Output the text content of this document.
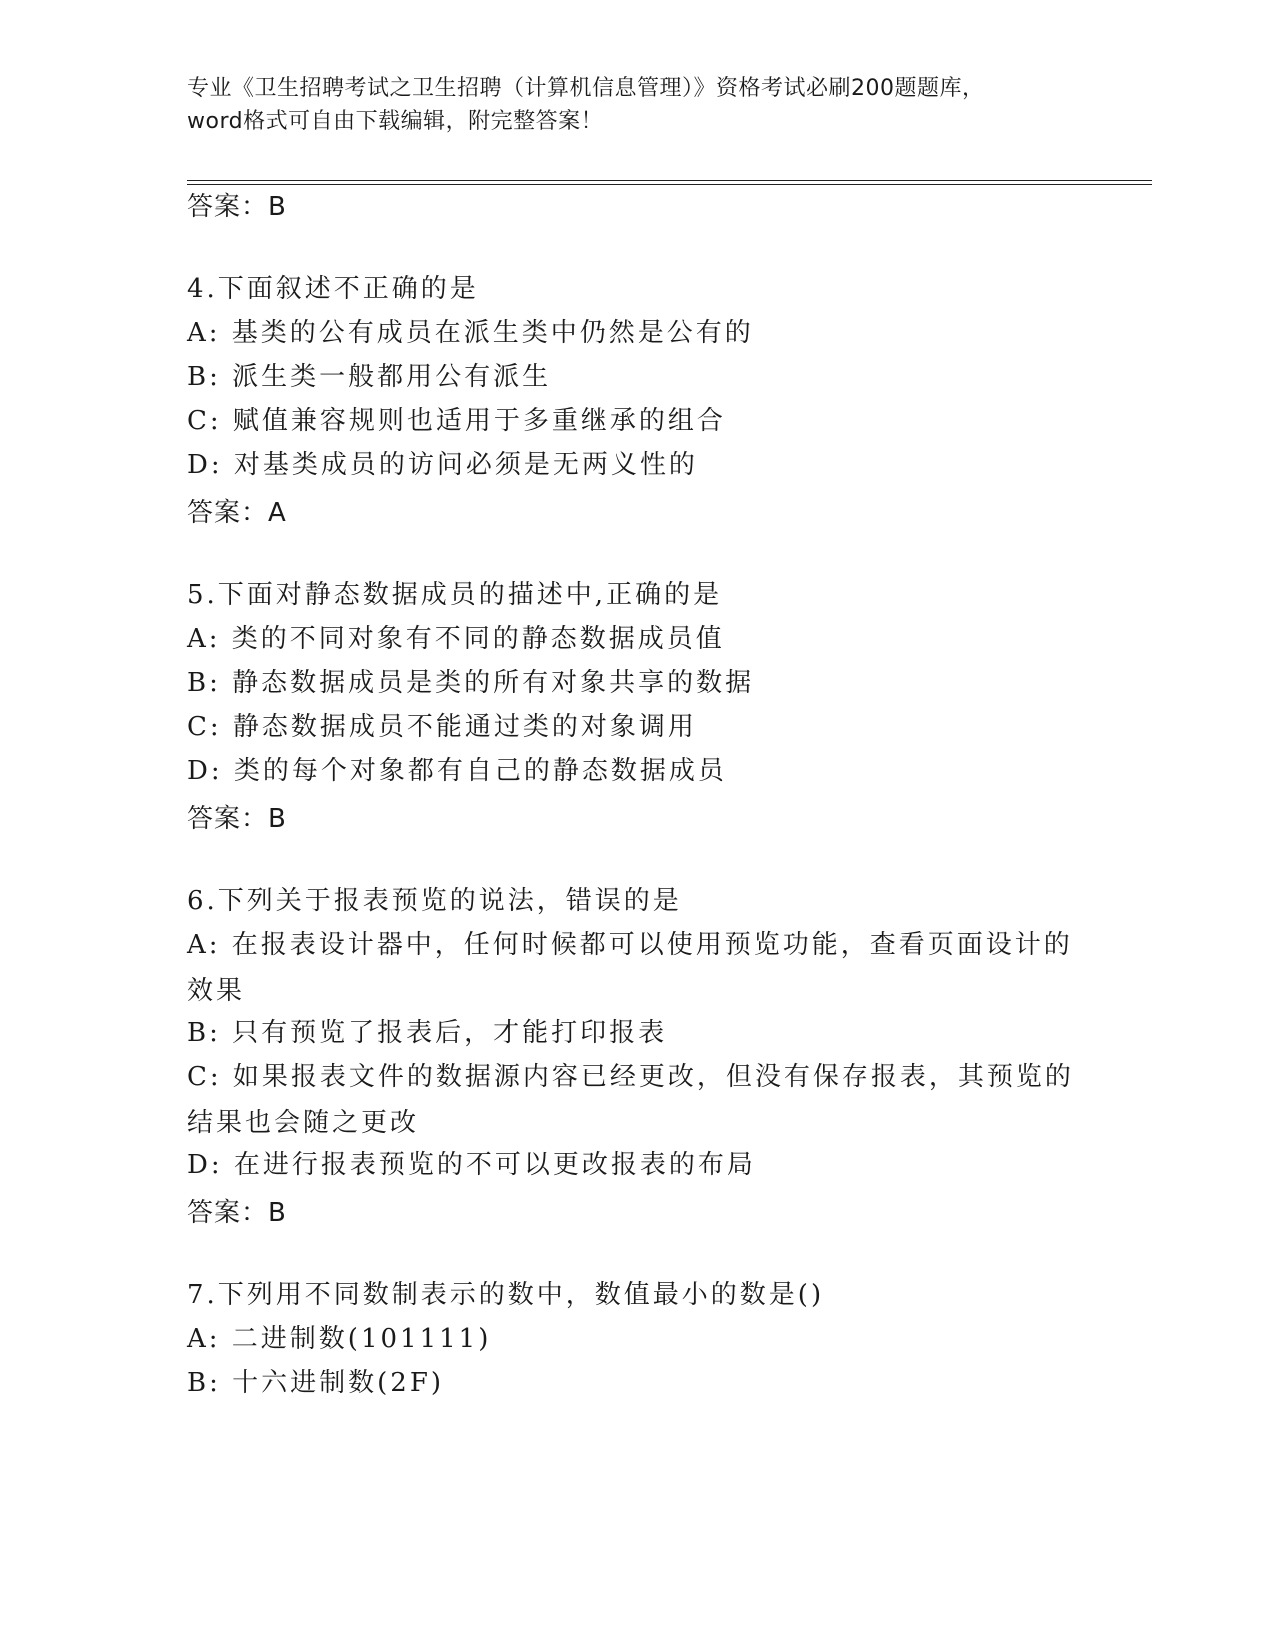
专业《卫生招聘考试之卫生招聘（计算机信息管理）》资格考试必刷200题题库，
word格式可自由下载编辑，附完整答案！
答案：B
4.下面叙述不正确的是
A: 基类的公有成员在派生类中仍然是公有的
B: 派生类一般都用公有派生
C: 赋值兼容规则也适用于多重继承的组合
D: 对基类成员的访问必须是无两义性的
答案：A
5.下面对静态数据成员的描述中,正确的是
A: 类的不同对象有不同的静态数据成员值
B: 静态数据成员是类的所有对象共享的数据
C: 静态数据成员不能通过类的对象调用
D: 类的每个对象都有自己的静态数据成员
答案：B
6.下列关于报表预览的说法，错误的是
A: 在报表设计器中，任何时候都可以使用预览功能，查看页面设计的效果
B: 只有预览了报表后，才能打印报表
C: 如果报表文件的数据源内容已经更改，但没有保存报表，其预览的结果也会随之更改
D: 在进行报表预览的不可以更改报表的布局
答案：B
7.下列用不同数制表示的数中，数值最小的数是()
A: 二进制数(101111)
B: 十六进制数(2F)
